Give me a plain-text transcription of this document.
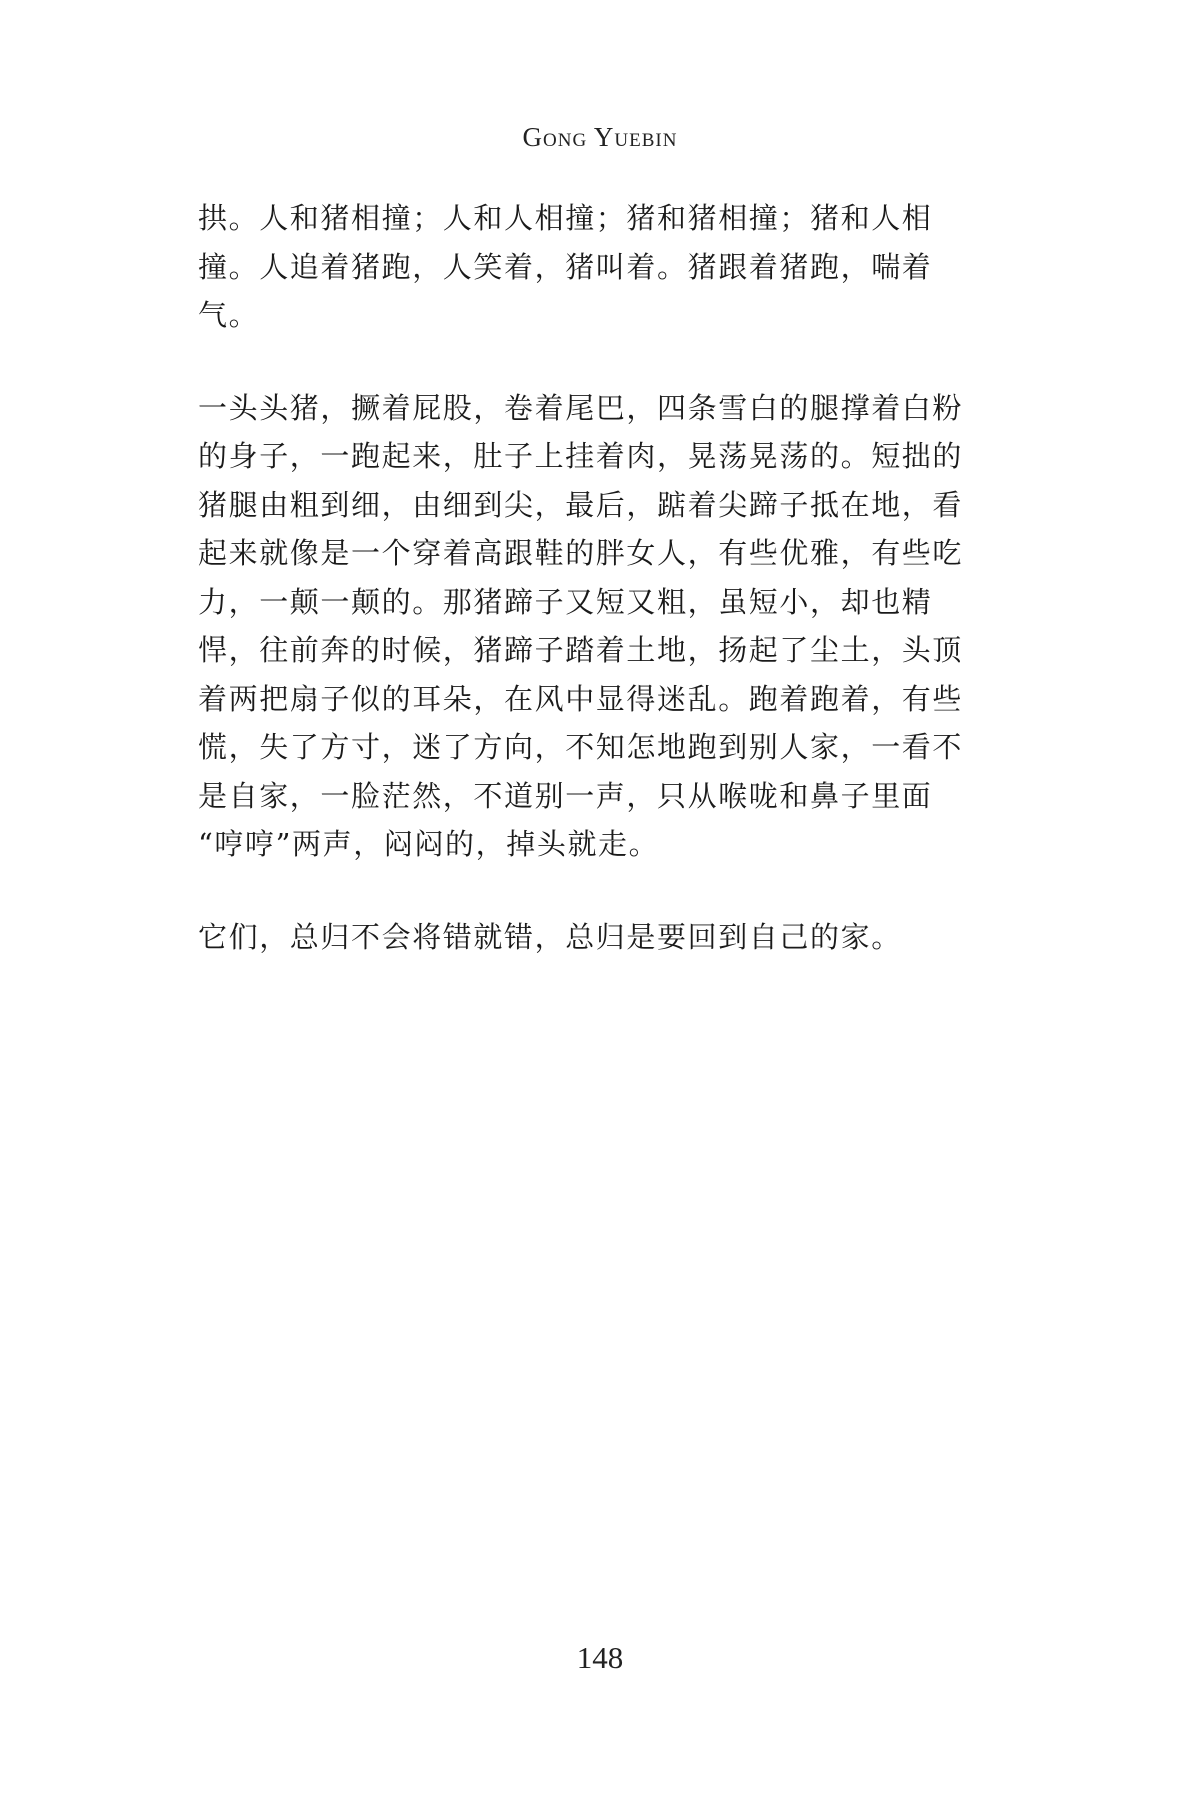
Gong Yuebin

拱。人和猪相撞；人和人相撞；猪和猪相撞；猪和人相
撞。人追着猪跑，人笑着，猪叫着。猪跟着猪跑，喘着
气。

一头头猪，撅着屁股，卷着尾巴，四条雪白的腿撑着白粉
的身子，一跑起来，肚子上挂着肉，晃荡晃荡的。短拙的
猪腿由粗到细，由细到尖，最后，踮着尖蹄子抵在地，看
起来就像是一个穿着高跟鞋的胖女人，有些优雅，有些吃
力，一颠一颠的。那猪蹄子又短又粗，虽短小，却也精
悍，往前奔的时候，猪蹄子踏着土地，扬起了尘土，头顶
着两把扇子似的耳朵，在风中显得迷乱。跑着跑着，有些
慌，失了方寸，迷了方向，不知怎地跑到别人家，一看不
是自家，一脸茫然，不道别一声，只从喉咙和鼻子里面
“哼哼”两声，闷闷的，掉头就走。

它们，总归不会将错就错，总归是要回到自己的家。

148
